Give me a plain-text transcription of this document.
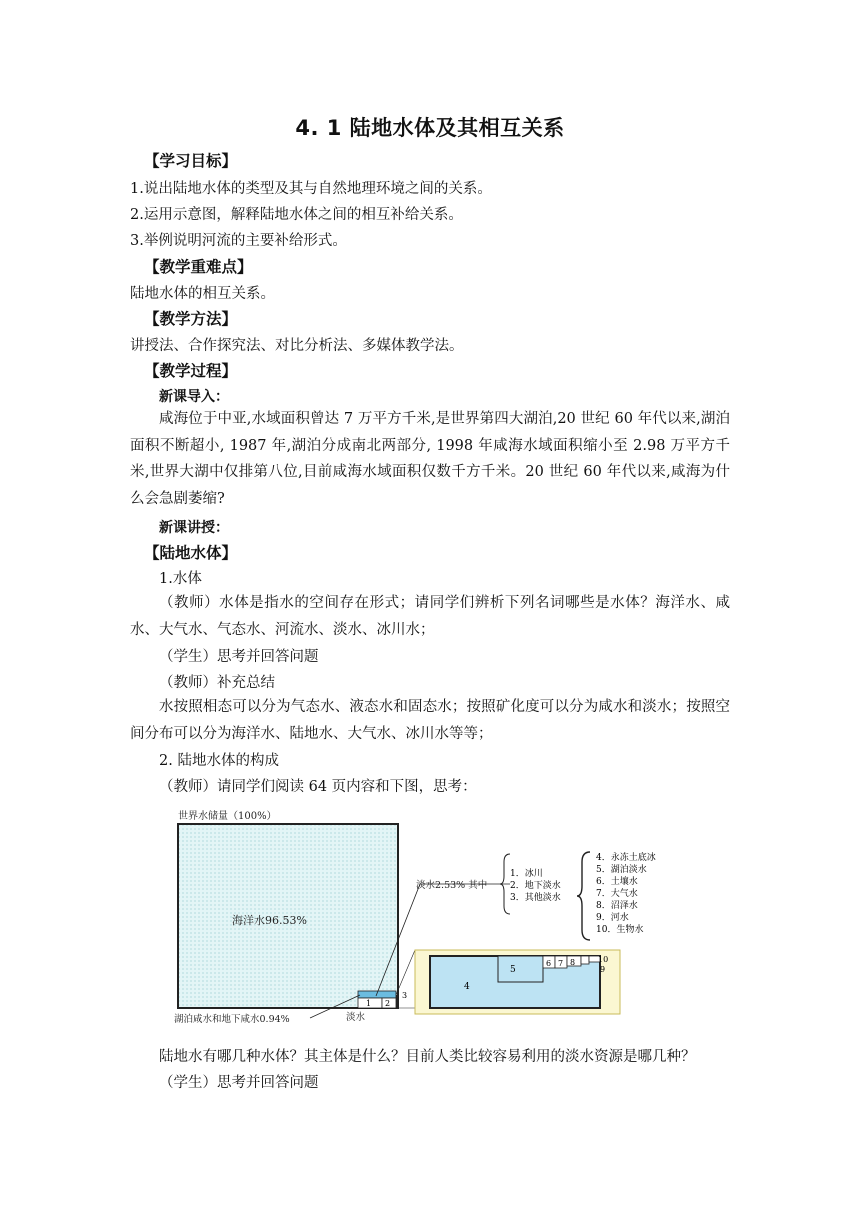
4. 1 陆地水体及其相互关系
【学习目标】
1.说出陆地水体的类型及其与自然地理环境之间的关系。
2.运用示意图，解释陆地水体之间的相互补给关系。
3.举例说明河流的主要补给形式。
【教学重难点】
陆地水体的相互关系。
【教学方法】
讲授法、合作探究法、对比分析法、多媒体教学法。
【教学过程】
新课导入：
咸海位于中亚,水域面积曾达 7 万平方千米,是世界第四大湖泊,20 世纪 60 年代以来,湖泊面积不断超小, 1987 年,湖泊分成南北两部分, 1998 年咸海水域面积缩小至 2.98 万平方千米,世界大湖中仅排第八位,目前咸海水域面积仅数千方千米。20 世纪 60 年代以来,咸海为什么会急剧萎缩?
新课讲授：
【陆地水体】
1.水体
（教师）水体是指水的空间存在形式；请同学们辨析下列名词哪些是水体？海洋水、咸水、大气水、气态水、河流水、淡水、冰川水；
（学生）思考并回答问题
（教师）补充总结
水按照相态可以分为气态水、液态水和固态水；按照矿化度可以分为咸水和淡水；按照空间分布可以分为海洋水、陆地水、大气水、冰川水等等；
2. 陆地水体的构成
（教师）请同学们阅读 64 页内容和下图，思考：
世界水储量（100%）
海洋水96.53%
1 2
3
湖泊咸水和地下咸水0.94%	淡水
淡水2.53% 其中
1．冰川
2．地下淡水
3．其他淡水
4．永冻土底冰
5．湖泊淡水
6．土壤水
7．大气水
8．沼泽水
9．河水
10．生物水
4
5
6 7 8
9
10
陆地水有哪几种水体？其主体是什么？目前人类比较容易利用的淡水资源是哪几种？
（学生）思考并回答问题
